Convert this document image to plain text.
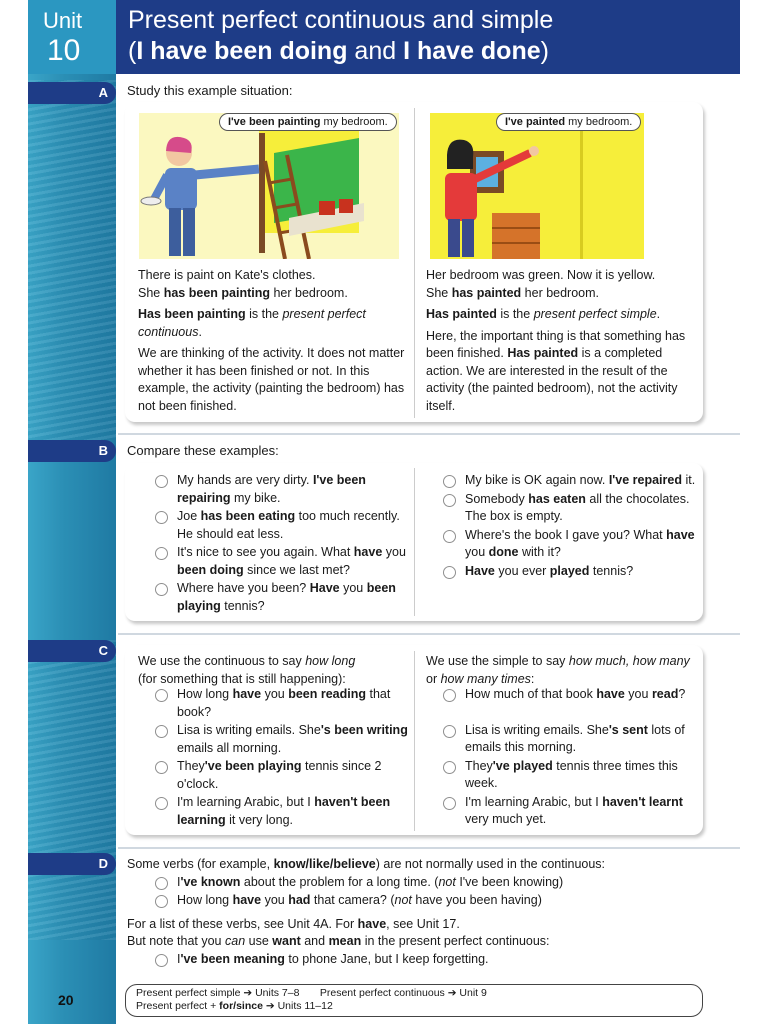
Unit
10
Present perfect continuous and simple
(I have been doing and I have done)
A	Study this example situation:
I've been painting my bedroom.	I've painted my bedroom.
There is paint on Kate's clothes.

She has been painting her bedroom.

Has been painting is the present perfect continuous.

We are thinking of the activity. It does not matter whether it has been finished or not. In this example, the activity (painting the bedroom) has not been finished.

Her bedroom was green. Now it is yellow.

She has painted her bedroom.

Has painted is the present perfect simple.

Here, the important thing is that something has been finished. Has painted is a completed action. We are interested in the result of the activity (the painted bedroom), not the activity itself.

B	Compare these examples:
My hands are very dirty. I've been repairing my bike.
Joe has been eating too much recently. He should eat less.
It's nice to see you again. What have you been doing since we last met?
Where have you been? Have you been playing tennis?
My bike is OK again now. I've repaired it.
Somebody has eaten all the chocolates. The box is empty.
Where's the book I gave you? What have you done with it?
Have you ever played tennis?
C
We use the continuous to say how long
(for something that is still happening):
We use the simple to say how much, how many
or how many times:
How long have you been reading that book?
Lisa is writing emails. She's been writing emails all morning.
They've been playing tennis since 2 o'clock.
I'm learning Arabic, but I haven't been learning it very long.
How much of that book have you read?
Lisa is writing emails. She's sent lots of emails this morning.
They've played tennis three times this week.
I'm learning Arabic, but I haven't learnt very much yet.
D	Some verbs (for example, know/like/believe) are not normally used in the continuous:
I've known about the problem for a long time. (not I've been knowing)
How long have you had that camera? (not have you been having)
For a list of these verbs, see Unit 4A. For have, see Unit 17.
But note that you can use want and mean in the present perfect continuous:
I've been meaning to phone Jane, but I keep forgetting.
20	Present perfect simple ➔ Units 7–8 Present perfect continuous ➔ Unit 9
Present perfect + for/since ➔ Units 11–12
